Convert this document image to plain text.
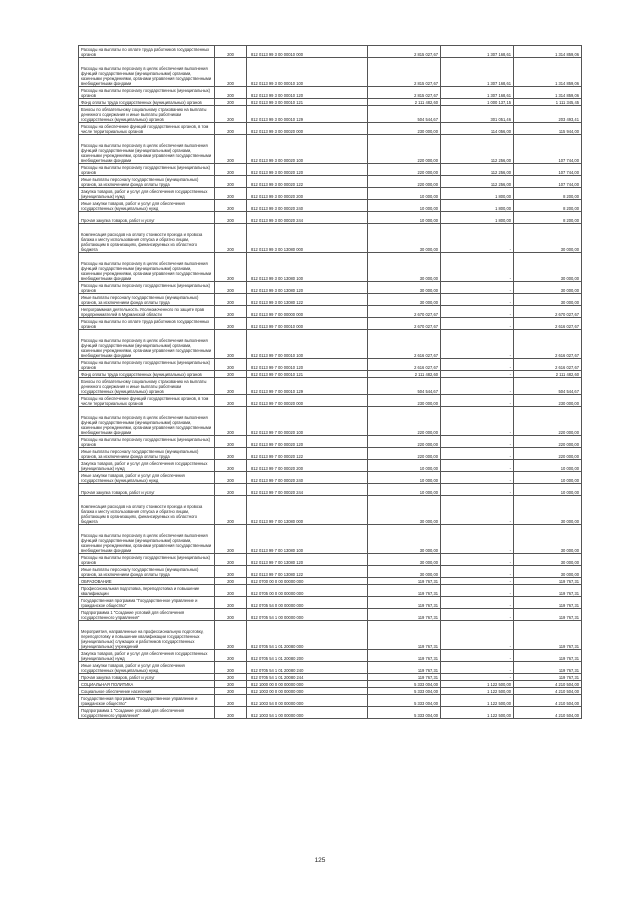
Расходы на выплаты по оплате труда работников государственных органов	200	812 0113 99 3 00 00010 000	2 815 027,67	1 307 168,61	1 314 859,06
Расходы на выплаты персоналу в целях обеспечения выполнения функций государственными (муниципальными) органами, казенными учреждениями, органами управления государственными внебюджетными фондами	200	812 0113 99 3 00 00010 100	2 815 027,67	1 307 168,61	1 314 859,06
Расходы на выплаты персоналу государственных (муниципальных) органов	200	812 0113 99 3 00 00010 120	2 815 027,67	1 307 168,61	1 314 859,06
Фонд оплаты труда государственных (муниципальных) органов	200	812 0113 99 3 00 00010 121	2 111 482,60	1 000 137,15	1 111 345,45
Взносы по обязательному социальному страхованию на выплаты денежного содержания и иные выплаты работникам государственных (муниципальных) органов	200	812 0113 99 3 00 00010 129	504 544,67	301 051,46	203 493,41
Расходы на обеспечение функций государственных органов, в том числе территориальных органов	200	812 0113 99 3 00 00020 000	230 000,00	114 056,00	115 944,00
Расходы на выплаты персоналу в целях обеспечения выполнения функций государственными (муниципальными) органами, казенными учреждениями, органами управления государственными внебюджетными фондами	200	812 0113 99 3 00 00020 100	220 000,00	112 256,00	107 744,00
Расходы на выплаты персоналу государственных (муниципальных) органов	200	812 0113 99 3 00 00020 120	220 000,00	112 256,00	107 744,00
Иные выплаты персоналу государственных (муниципальных) органов, за исключением фонда оплаты труда	200	812 0113 99 3 00 00020 122	220 000,00	112 256,00	107 744,00
Закупка товаров, работ и услуг для обеспечения государственных (муниципальных) нужд	200	812 0113 99 3 00 00020 200	10 000,00	1 800,00	8 200,00
Иные закупки товаров, работ и услуг для обеспечения государственных (муниципальных) нужд	200	812 0113 99 3 00 00020 240	10 000,00	1 800,00	8 200,00
Прочая закупка товаров, работ и услуг	200	812 0113 99 3 00 00020 244	10 000,00	1 800,00	8 200,00
Компенсация расходов на оплату стоимости проезда и провоза багажа к месту использования отпуска и обратно лицам, работающим в организациях, финансируемых из областного бюджета	200	812 0113 99 3 00 13080 000	30 000,00	-	30 000,00
Расходы на выплаты персоналу в целях обеспечения выполнения функций государственными (муниципальными) органами, казенными учреждениями, органами управления государственными внебюджетными фондами	200	812 0113 99 3 00 13080 100	30 000,00	-	30 000,00
Расходы на выплаты персоналу государственных (муниципальных) органов	200	812 0113 99 3 00 13080 120	30 000,00	-	30 000,00
Иные выплаты персоналу государственных (муниципальных) органов, за исключением фонда оплаты труда	200	812 0113 99 3 00 13080 122	30 000,00	-	30 000,00
Непрограммная деятельность Уполномоченного по защите прав предпринимателей в Мурманской области	200	812 0113 99 7 00 00000 000	2 670 027,67	-	2 670 027,67
Расходы на выплаты по оплате труда работников государственных органов	200	812 0113 99 7 00 00010 000	2 670 027,67	-	2 616 027,67
Расходы на выплаты персоналу в целях обеспечения выполнения функций государственными (муниципальными) органами, казенными учреждениями, органами управления государственными внебюджетными фондами	200	812 0113 99 7 00 00010 100	2 616 027,67	-	2 616 027,67
Расходы на выплаты персоналу государственных (муниципальных) органов	200	812 0113 99 7 00 00010 120	2 616 027,67	-	2 616 027,67
Фонд оплаты труда государственных (муниципальных) органов	200	812 0113 99 7 00 00010 121	2 111 482,60	-	2 111 482,60
Взносы по обязательному социальному страхованию на выплаты денежного содержания и иные выплаты работникам государственных (муниципальных) органов	200	812 0113 99 7 00 00010 129	504 544,67	-	504 544,67
Расходы на обеспечение функций государственных органов, в том числе территориальных органов	200	812 0113 99 7 00 00020 000	230 000,00	-	230 000,00
Расходы на выплаты персоналу в целях обеспечения выполнения функций государственными (муниципальными) органами, казенными учреждениями, органами управления государственными внебюджетными фондами	200	812 0113 99 7 00 00020 100	220 000,00	-	220 000,00
Расходы на выплаты персоналу государственных (муниципальных) органов	200	812 0113 99 7 00 00020 120	220 000,00	-	220 000,00
Иные выплаты персоналу государственных (муниципальных) органов, за исключением фонда оплаты труда	200	812 0113 99 7 00 00020 122	220 000,00	-	220 000,00
Закупка товаров, работ и услуг для обеспечения государственных (муниципальных) нужд	200	812 0113 99 7 00 00020 200	10 000,00	-	10 000,00
Иные закупки товаров, работ и услуг для обеспечения государственных (муниципальных) нужд	200	812 0113 99 7 00 00020 240	10 000,00	-	10 000,00
Прочая закупка товаров, работ и услуг	200	812 0113 99 7 00 00020 244	10 000,00	-	10 000,00
Компенсация расходов на оплату стоимости проезда и провоза багажа к месту использования отпуска и обратно лицам, работающим в организациях, финансируемых из областного бюджета	200	812 0113 99 7 00 13080 000	30 000,00	-	30 000,00
Расходы на выплаты персоналу в целях обеспечения выполнения функций государственными (муниципальными) органами, казенными учреждениями, органами управления государственными внебюджетными фондами	200	812 0113 99 7 00 13080 100	30 000,00	-	30 000,00
Расходы на выплаты персоналу государственных (муниципальных) органов	200	812 0113 99 7 00 13080 120	30 000,00	-	30 000,00
Иные выплаты персоналу государственных (муниципальных) органов, за исключением фонда оплаты труда	200	812 0113 99 7 00 13080 122	30 000,00	-	30 000,00
ОБРАЗОВАНИЕ	200	812 0700 00 0 00 00000 000	119 767,31	-	119 767,31
Профессиональная подготовка, переподготовка и повышение квалификации	200	812 0705 00 0 00 00000 000	119 767,31	-	119 767,31
Государственная программа "Государственное управление и гражданское общество"	200	812 0705 54 0 00 00000 000	119 767,31	-	119 767,31
Подпрограмма 1 "Создание условий для обеспечения государственного управления"	200	812 0705 54 1 00 00000 000	119 767,31	-	119 767,31
Мероприятия, направленные на профессиональную подготовку, переподготовку и повышение квалификации государственных (муниципальных) служащих и работников государственных (муниципальных) учреждений	200	812 0705 54 1 01 20080 000	119 767,31	-	119 767,31
Закупка товаров, работ и услуг для обеспечения государственных (муниципальных) нужд	200	812 0705 54 1 01 20080 200	119 767,31	-	119 767,31
Иные закупки товаров, работ и услуг для обеспечения государственных (муниципальных) нужд	200	812 0705 54 1 01 20080 240	119 767,31	-	119 767,31
Прочая закупка товаров, работ и услуг	200	812 0705 54 1 01 20080 244	119 767,31	-	119 767,31
СОЦИАЛЬНАЯ ПОЛИТИКА	200	812 1000 00 0 00 00000 000	5 333 004,00	1 122 500,00	4 210 504,00
Социальное обеспечение населения	200	812 1003 00 0 00 00000 000	5 333 004,00	1 122 500,00	4 210 504,00
Государственная программа "Государственное управление и гражданское общество"	200	812 1003 54 0 00 00000 000	5 333 004,00	1 122 500,00	4 210 504,00
Подпрограмма 1 "Создание условий для обеспечения государственного управления"	200	812 1003 54 1 00 00000 000	5 333 004,00	1 122 500,00	4 210 504,00
125
